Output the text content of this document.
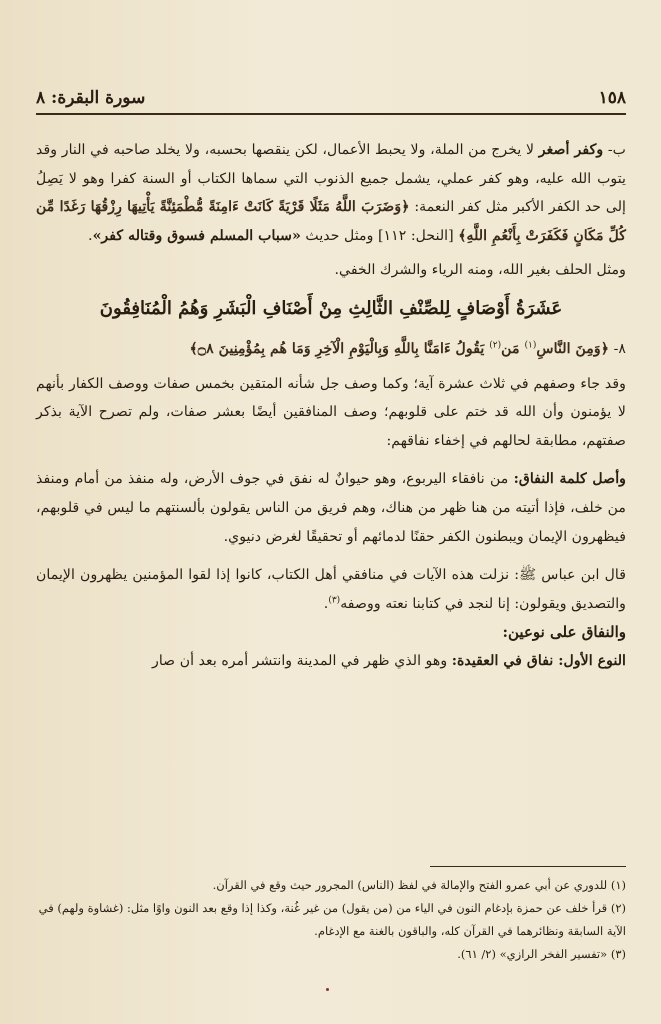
١٥٨
سورة البقرة: ٨

ب- وكفر أصغر لا يخرج من الملة، ولا يحبط الأعمال، لكن ينقصها بحسبه، ولا يخلد صاحبه في النار وقد يتوب الله عليه، وهو كفر عملي، يشمل جميع الذنوب التي سماها الكتاب أو السنة كفرا وهو لا يَصِلُ إلى حد الكفر الأكبر مثل كفر النعمة: ﴿وَضَرَبَ اللَّهُ مَثَلًا قَرْيَةً كَانَتْ ءَامِنَةً مُّطْمَئِنَّةً يَأْتِيهَا رِزْقُهَا رَغَدًا مِّن كُلِّ مَكَانٍ فَكَفَرَتْ بِأَنْعُمِ اللَّهِ﴾ [النحل: ١١٢] ومثل حديث «سباب المسلم فسوق وقتاله كفر».

ومثل الحلف بغير الله، ومنه الرياء والشرك الخفي.

عَشَرَةُ أَوْصَافٍ لِلصِّنْفِ الثَّالِثِ مِنْ أَصْنَافِ الْبَشَرِ وَهُمُ الْمُنَافِقُونَ

٨- ﴿وَمِنَ النَّاسِ$^{(١)}$ مَن$^{(٢)}$ يَقُولُ ءَامَنَّا بِاللَّهِ وَبِالْيَوْمِ الْآخِرِ وَمَا هُم بِمُؤْمِنِينَ ۝٨﴾

وقد جاء وصفهم في ثلاث عشرة آية؛ وكما وصف جل شأنه المتقين بخمس صفات ووصف الكفار بأنهم لا يؤمنون وأن الله قد ختم على قلوبهم؛ وصف المنافقين أيضًا بعشر صفات، ولم تصرح الآية بذكر صفتهم، مطابقة لحالهم في إخفاء نفاقهم:

وأصل كلمة النفاق: من نافقاء اليربوع، وهو حيوانٌ له نفق في جوف الأرض، وله منفذ من أمام ومنفذ من خلف، فإذا أتيته من هنا ظهر من هناك، وهم فريق من الناس يقولون بألسنتهم ما ليس في قلوبهم، فيظهرون الإيمان ويبطنون الكفر حقنًا لدمائهم أو تحقيقًا لغرض دنيوي.

قال ابن عباس ﷺ: نزلت هذه الآيات في منافقي أهل الكتاب، كانوا إذا لقوا المؤمنين يظهرون الإيمان والتصديق ويقولون: إنا لنجد في كتابنا نعته ووصفه$^{(٣)}$.

والنفاق على نوعين:

النوع الأول: نفاق في العقيدة: وهو الذي ظهر في المدينة وانتشر أمره بعد أن صار

(١) للدوري عن أبي عمرو الفتح والإمالة في لفظ (الناس) المجرور حيث وقع في القرآن.

(٢) قرأ خلف عن حمزة بإدغام النون في الياء من (من يقول) من غير غُنة، وكذا إذا وقع بعد النون واوًا مثل: (غشاوة ولهم) في الآية السابقة ونظائرهما في القرآن كله، والباقون بالغنة مع الإدغام.

(٣) «تفسير الفخر الرازي» (٢/ ٦١).
